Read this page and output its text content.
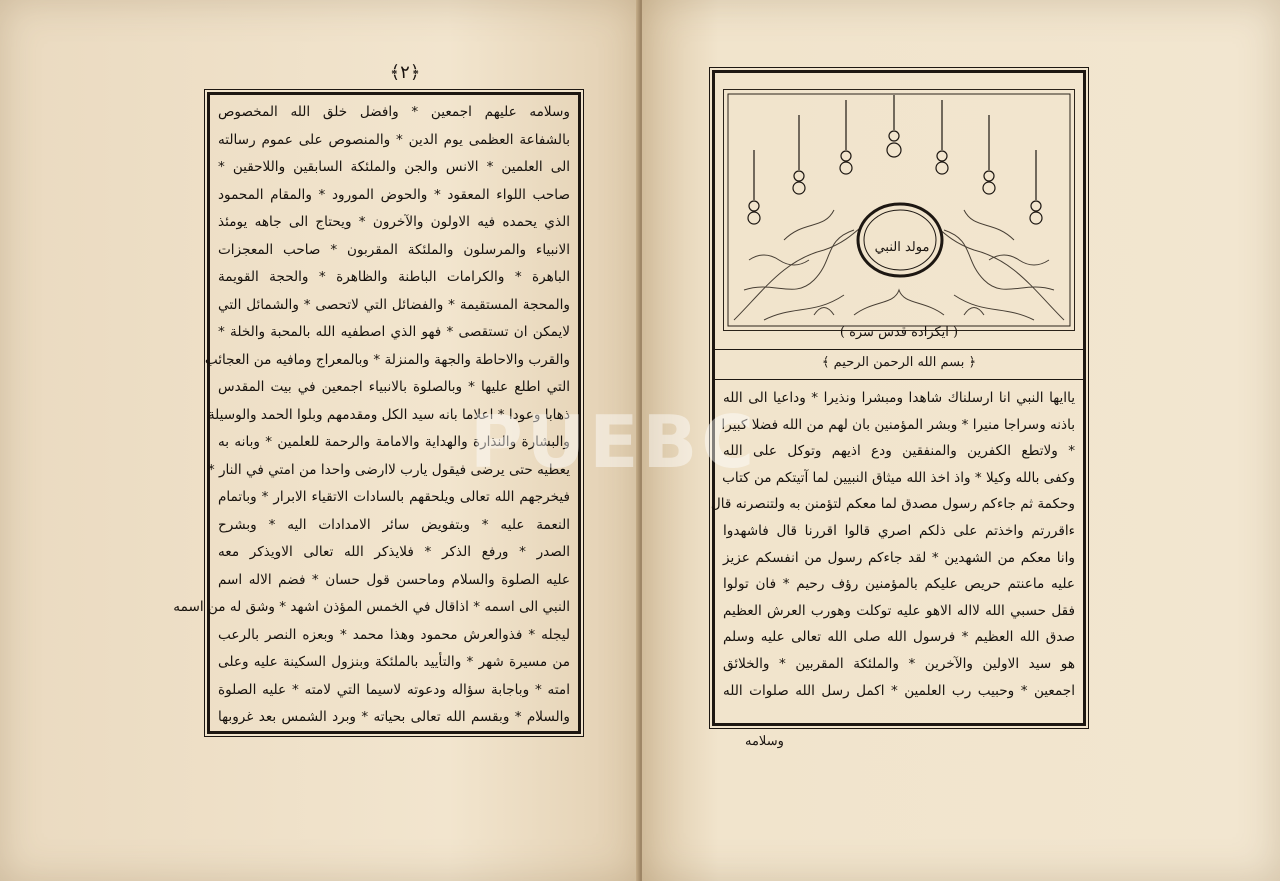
﴿٢﴾
وسلامه عليهم اجمعين * وافضل خلق الله المخصوص
بالشفاعة العظمى يوم الدين * والمنصوص على عموم رسالته
الى العلمين * الانس والجن والملئكة السابقين واللاحقين *
صاحب اللواء المعقود * والحوض المورود * والمقام المحمود
الذي يحمده فيه الاولون والآخرون * ويحتاج الى جاهه يومئذ
الانبياء والمرسلون والملئكة المقربون * صاحب المعجزات
الباهرة * والكرامات الباطنة والظاهرة * والحجة القويمة
والمحجة المستقيمة * والفضائل التي لاتحصى * والشمائل التي
لايمكن ان تستقصى * فهو الذي اصطفيه الله بالمحبة والخلة *
والقرب والاحاطة والجهة والمنزلة * وبالمعراج ومافيه من العجائب
التي اطلع عليها * وبالصلوة بالانبياء اجمعين في بيت المقدس
ذهابا وعودا * اعلاما بانه سيد الكل ومقدمهم وبلوا الحمد والوسيلة
والبشارة والنذارة والهداية والامامة والرحمة للعلمين * وبانه به
يعطيه حتى يرضى فيقول يارب لاارضى واحدا من امتي في النار *
فيخرجهم الله تعالى ويلحقهم بالسادات الاتقياء الابرار * وباتمام
النعمة عليه * وبتفويض سائر الامدادات اليه * وبشرح
الصدر * ورفع الذكر * فلايذكر الله تعالى الاويذكر معه
عليه الصلوة والسلام وماحسن قول حسان * فضم الاله اسم
النبي الى اسمه * اذاقال في الخمس المؤذن اشهد * وشق له من اسمه
ليجله * فذوالعرش محمود وهذا محمد * وبعزه النصر بالرعب
من مسيرة شهر * والتأييد بالملئكة وبنزول السكينة عليه وعلى
امته * وباجابة سؤاله ودعوته لاسيما التي لامته * عليه الصلوة
والسلام * وبقسم الله تعالى بحياته * وبرد الشمس بعد غروبها
مولد النبي
( ايكزاده قدس سره )
﴿ بسم الله الرحمن الرحيم ﴾
ياايها النبي انا ارسلناك شاهدا ومبشرا ونذيرا * وداعيا الى الله
باذنه وسراجا منيرا * وبشر المؤمنين بان لهم من الله فضلا كبيرا
* ولاتطع الكفرين والمنفقين ودع اذيهم وتوكل على الله
وكفى بالله وكيلا * واذ اخذ الله ميثاق النبيين لما آتيتكم من كتاب
وحكمة ثم جاءكم رسول مصدق لما معكم لتؤمنن به ولتنصرنه قال
ءاقررتم واخذتم على ذلكم اصري قالوا اقررنا قال فاشهدوا
وانا معكم من الشهدين * لقد جاءكم رسول من انفسكم عزيز
عليه ماعنتم حريص عليكم بالمؤمنين رؤف رحيم * فان تولوا
فقل حسبي الله لااله الاهو عليه توكلت وهورب العرش العظيم
صدق الله العظيم * فرسول الله صلى الله تعالى عليه وسلم
هو سيد الاولين والآخرين * والملئكة المقربين * والخلائق
اجمعين * وحبيب رب العلمين * اكمل رسل الله صلوات الله
وسلامه
PUEBC
